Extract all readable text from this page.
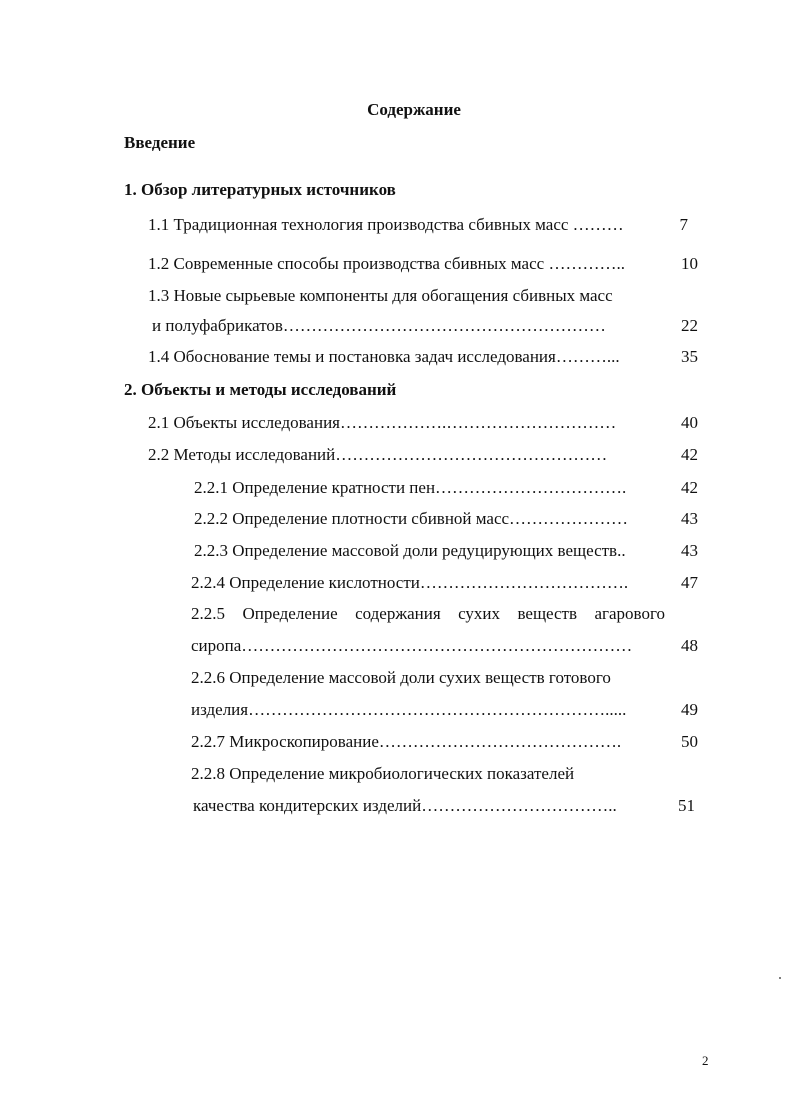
Содержание
Введение
1. Обзор литературных источников
1.1 Традиционная технология производства сбивных масс ………	7
1.2 Современные способы производства сбивных масс …………..	10
1.3 Новые сырьевые компоненты для обогащения сбивных масс
и полуфабрикатов…………………………………………………	22
1.4 Обоснование темы и постановка задач исследования………...	35
2. Объекты и методы исследований
2.1 Объекты исследования……………….…………………………	40
2.2 Методы исследований…………………………………………	42
2.2.1 Определение кратности пен…………………………….	42
2.2.2 Определение плотности сбивной масс…………………	43
2.2.3 Определение массовой доли редуцирующих веществ..	43
2.2.4 Определение кислотности……………………………….	47
2.2.5 Определение содержания сухих веществ агарового
сиропа……………………………………………………………	48
2.2.6 Определение массовой доли сухих веществ готового
изделия……………………………………………………….....	49
2.2.7 Микроскопирование…………………………………….	50
2.2.8 Определение микробиологических показателей
качества кондитерских изделий……………………………..	51
2
